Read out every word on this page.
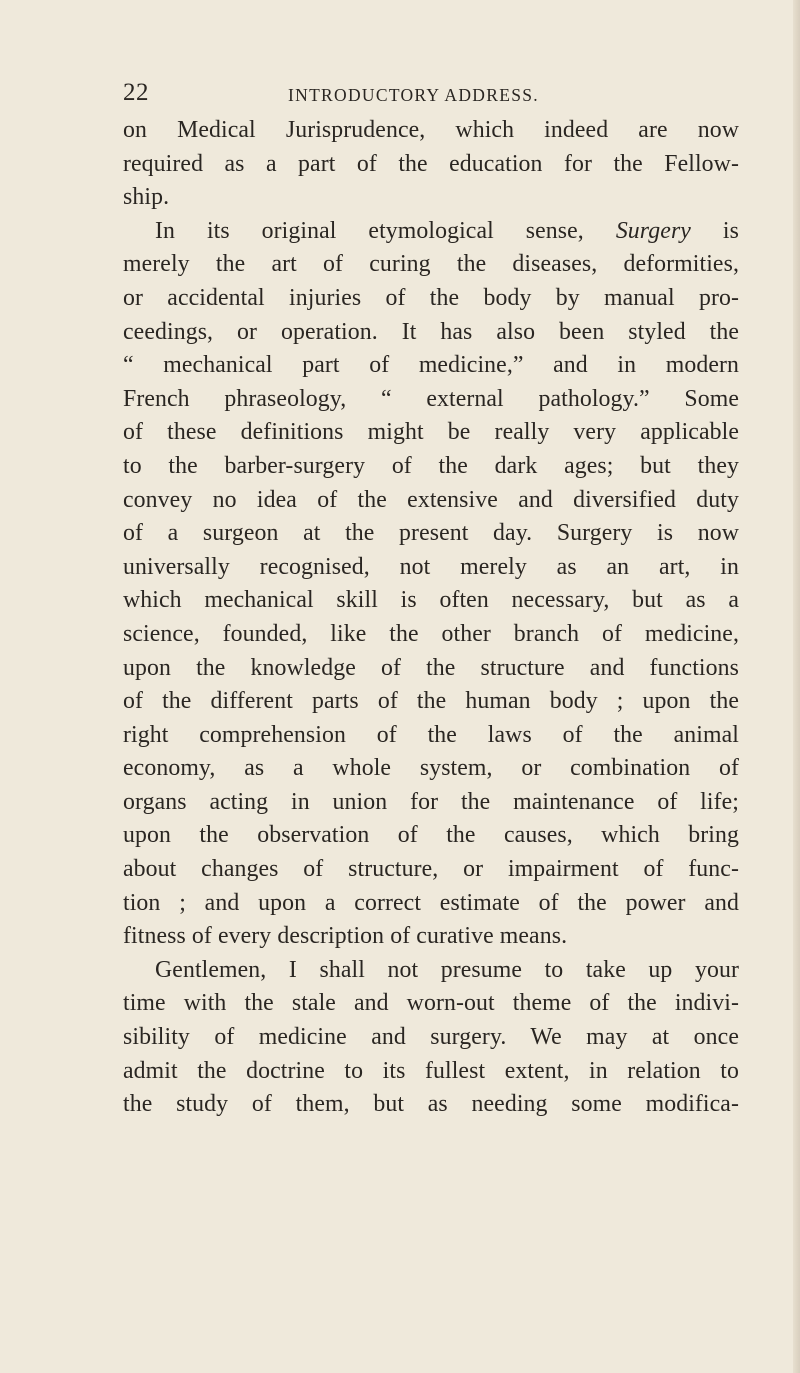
22	INTRODUCTORY ADDRESS.
on Medical Jurisprudence, which indeed are now
required as a part of the education for the Fellow-
ship.
In its original etymological sense, Surgery is
merely the art of curing the diseases, deformities,
or accidental injuries of the body by manual pro-
ceedings, or operation. It has also been styled the
“ mechanical part of medicine,” and in modern
French phraseology, “ external pathology.” Some
of these definitions might be really very applicable
to the barber-surgery of the dark ages; but they
convey no idea of the extensive and diversified duty
of a surgeon at the present day. Surgery is now
universally recognised, not merely as an art, in
which mechanical skill is often necessary, but as a
science, founded, like the other branch of medicine,
upon the knowledge of the structure and functions
of the different parts of the human body ; upon the
right comprehension of the laws of the animal
economy, as a whole system, or combination of
organs acting in union for the maintenance of life;
upon the observation of the causes, which bring
about changes of structure, or impairment of func-
tion ; and upon a correct estimate of the power and
fitness of every description of curative means.
Gentlemen, I shall not presume to take up your
time with the stale and worn-out theme of the indivi-
sibility of medicine and surgery. We may at once
admit the doctrine to its fullest extent, in relation to
the study of them, but as needing some modifica-
